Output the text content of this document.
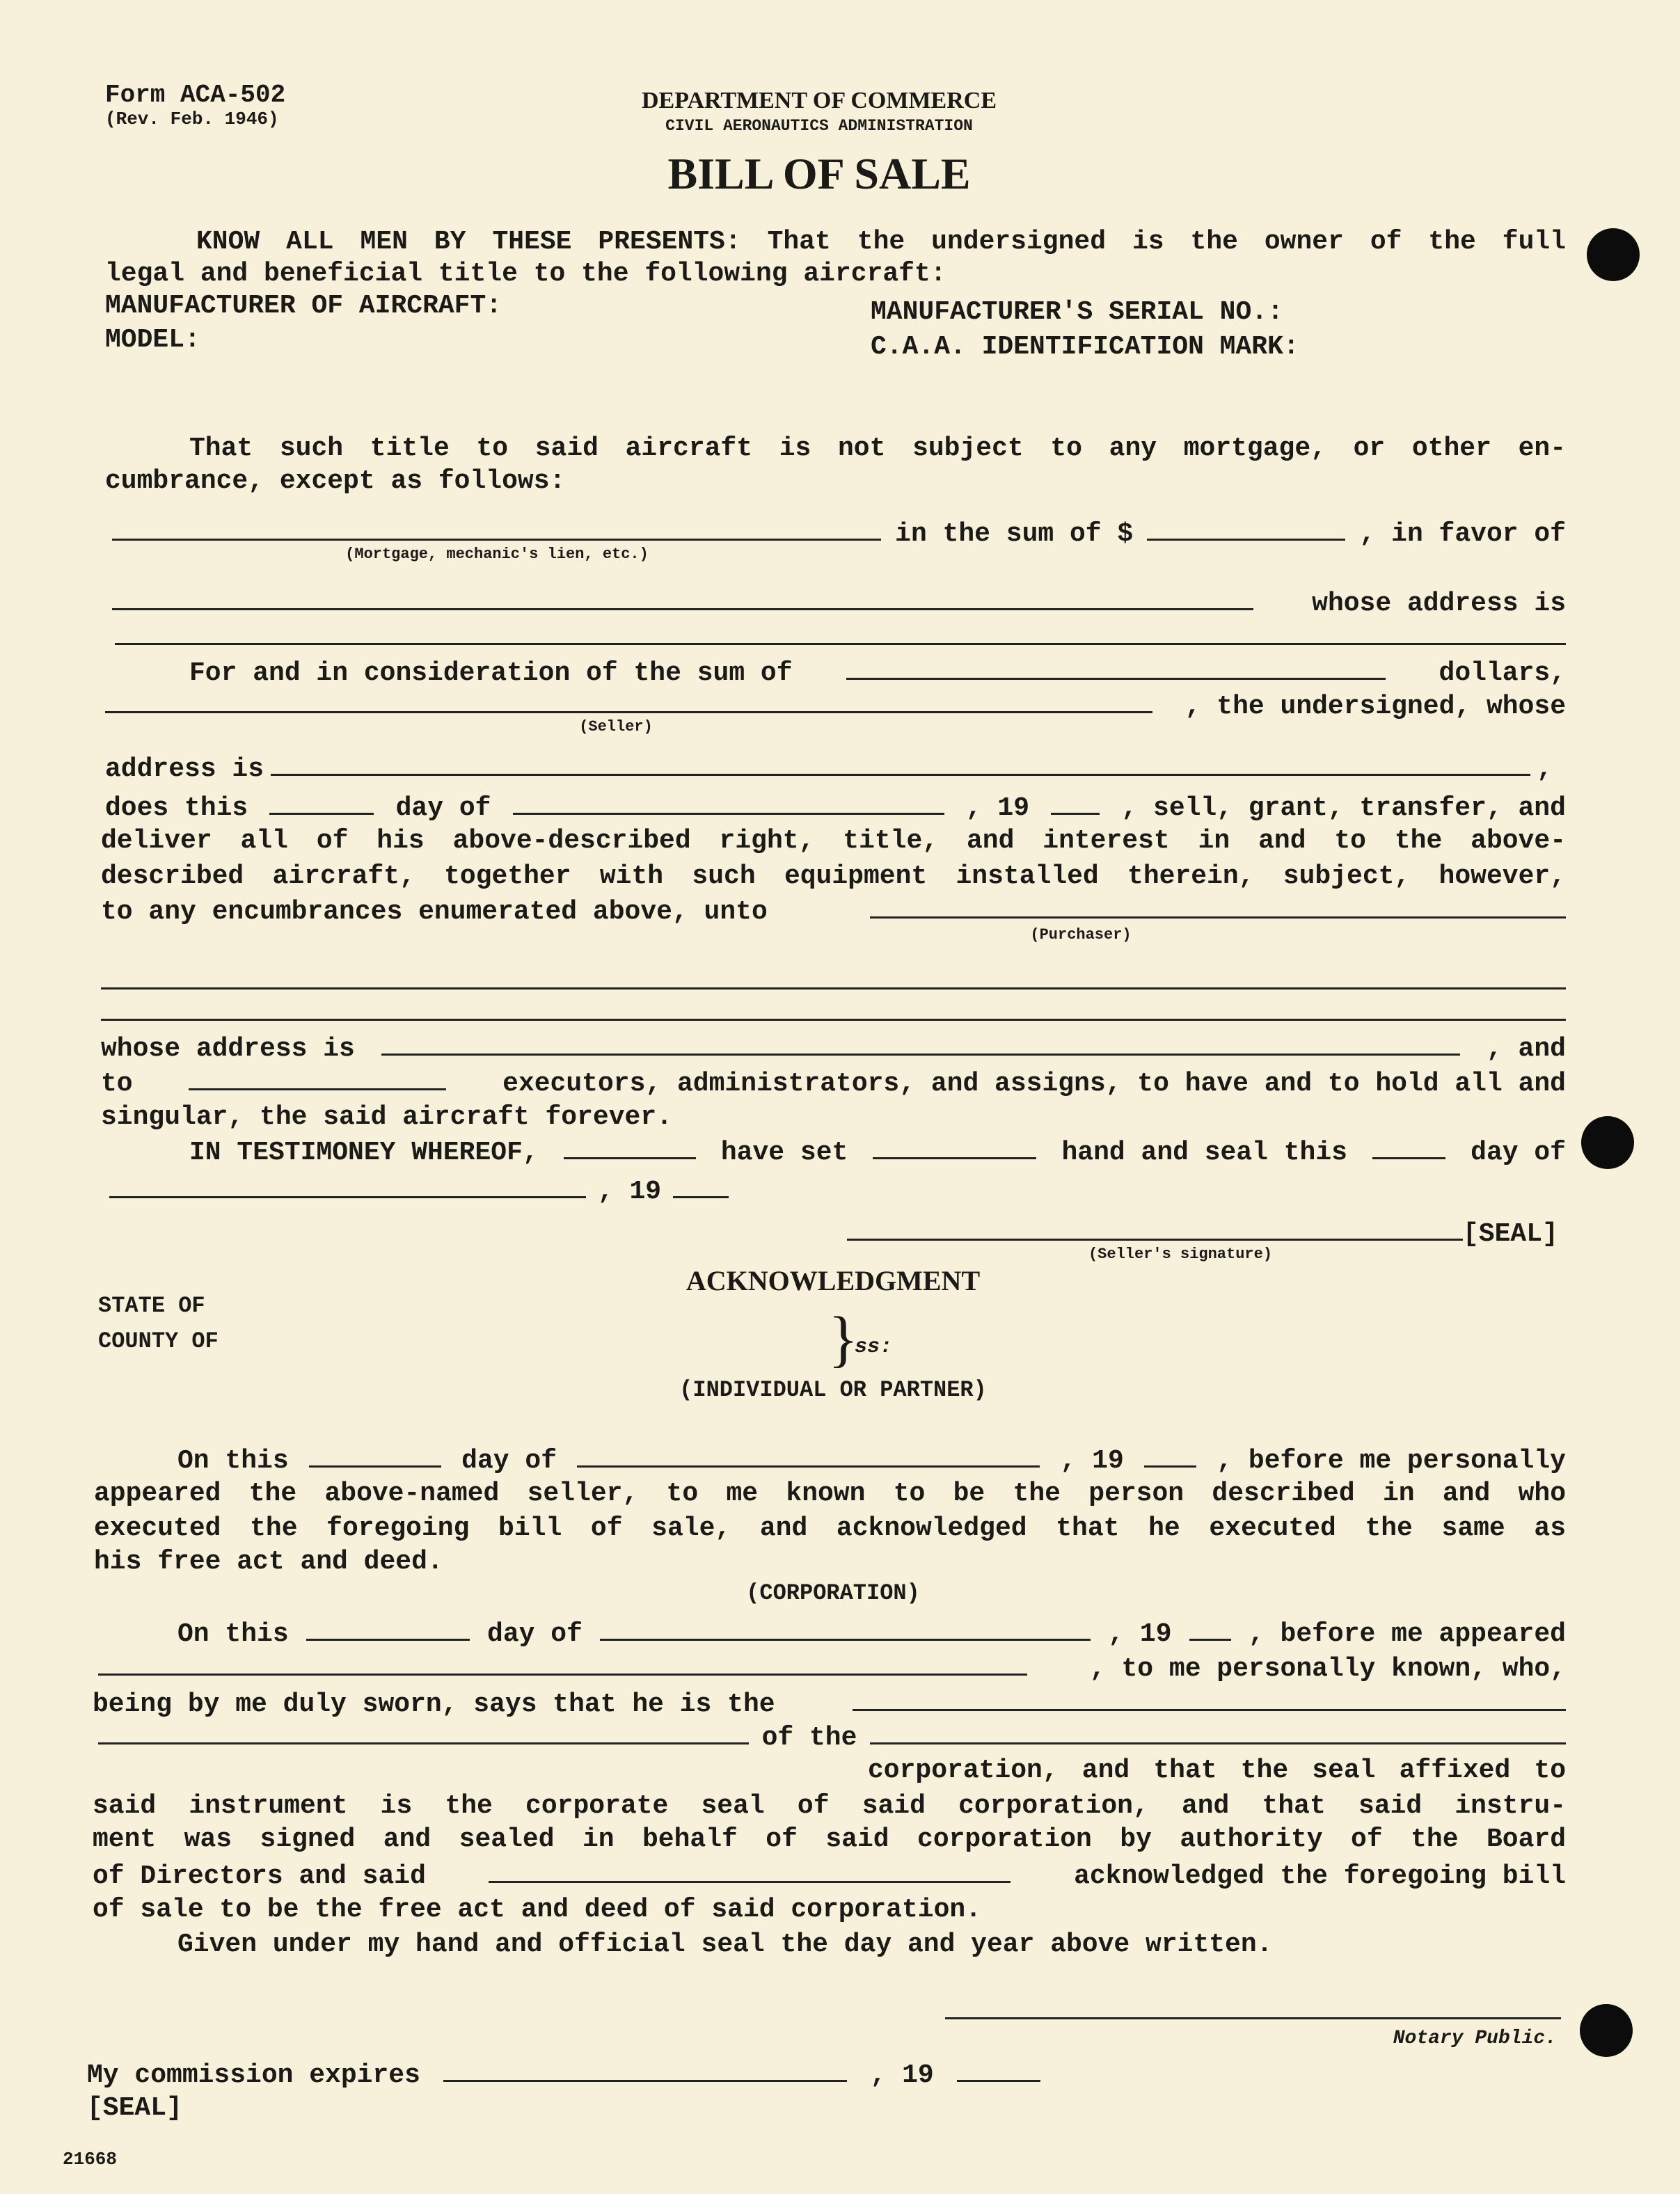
Form ACA-502
(Rev. Feb. 1946)
DEPARTMENT OF COMMERCE
CIVIL AERONAUTICS ADMINISTRATION
BILL OF SALE
KNOW ALL MEN BY THESE PRESENTS: That the undersigned is the owner of the full
legal and beneficial title to the following aircraft:
MANUFACTURER OF AIRCRAFT:	MANUFACTURER'S SERIAL NO.:
MODEL:	C.A.A. IDENTIFICATION MARK:
That such title to said aircraft is not subject to any mortgage, or other en-
cumbrance, except as follows:
in the sum of $	, in favor of
(Mortgage, mechanic's lien, etc.)
whose address is
For and in consideration of the sum of	dollars,
, the undersigned, whose
(Seller)
address is	,
does this	day of	, 19	, sell, grant, transfer, and
deliver all of his above-described right, title, and interest in and to the above-
described aircraft, together with such equipment installed therein, subject, however,
to any encumbrances enumerated above, unto
(Purchaser)
whose address is	, and
to	executors, administrators, and assigns, to have and to hold all and
singular, the said aircraft forever.
IN TESTIMONEY WHEREOF,	have set	hand and seal this	day of
, 19
[SEAL]
(Seller's signature)
ACKNOWLEDGMENT
STATE OF
COUNTY OF	}
ss:
(INDIVIDUAL OR PARTNER)
On this	day of	, 19	, before me personally
appeared the above-named seller, to me known to be the person described in and who
executed the foregoing bill of sale, and acknowledged that he executed the same as
his free act and deed.
(CORPORATION)
On this	day of	, 19	, before me appeared
, to me personally known, who,
being by me duly sworn, says that he is the
of the
corporation, and that the seal affixed to
said instrument is the corporate seal of said corporation, and that said instru-
ment was signed and sealed in behalf of said corporation by authority of the Board
of Directors and said	acknowledged the foregoing bill
of sale to be the free act and deed of said corporation.
Given under my hand and official seal the day and year above written.
Notary Public.
My commission expires	, 19
[SEAL]
21668
